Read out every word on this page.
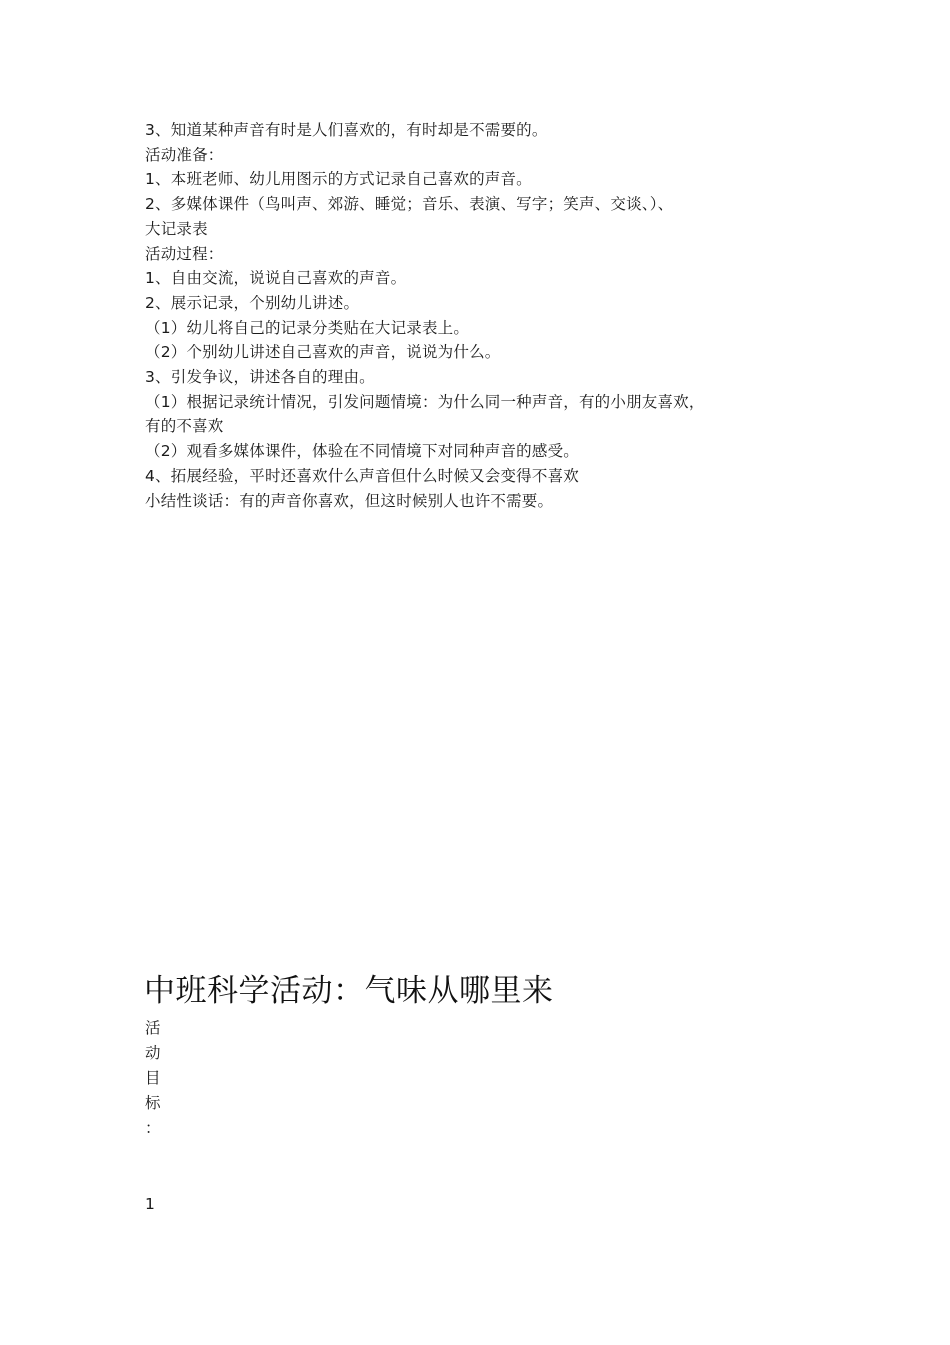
3、知道某种声音有时是人们喜欢的，有时却是不需要的。
活动准备：
1、本班老师、幼儿用图示的方式记录自己喜欢的声音。
2、多媒体课件（鸟叫声、郊游、睡觉；音乐、表演、写字；笑声、交谈、）、
大记录表
活动过程：
1、自由交流，说说自己喜欢的声音。
2、展示记录，个别幼儿讲述。
（1）幼儿将自己的记录分类贴在大记录表上。
（2）个别幼儿讲述自己喜欢的声音，说说为什么。
3、引发争议，讲述各自的理由。
（1）根据记录统计情况，引发问题情境：为什么同一种声音，有的小朋友喜欢，
有的不喜欢
（2）观看多媒体课件，体验在不同情境下对同种声音的感受。
4、拓展经验，平时还喜欢什么声音但什么时候又会变得不喜欢
小结性谈话：有的声音你喜欢，但这时候别人也许不需要。
中班科学活动：气味从哪里来
活
动
目
标
：
1
